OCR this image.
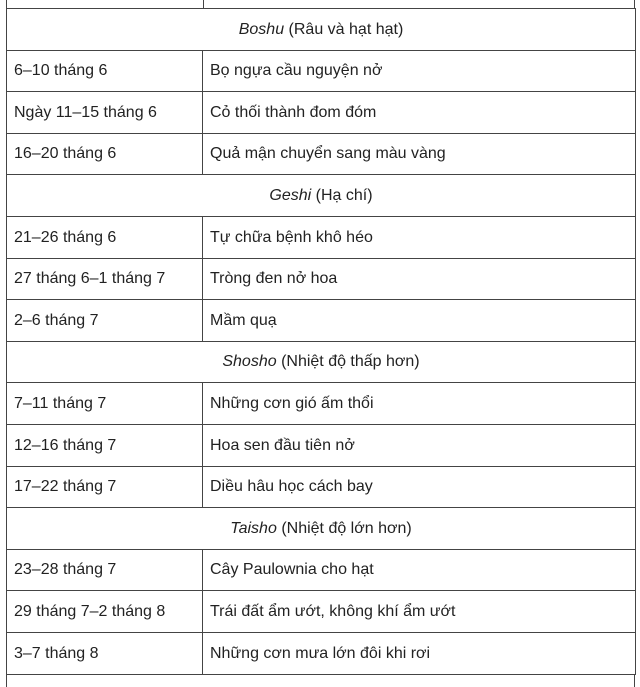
Boshu (Râu và hạt hạt)	
6–10 tháng 6	Bọ ngựa cầu nguyện nở
Ngày 11–15 tháng 6	Cỏ thối thành đom đóm
16–20 tháng 6	Quả mận chuyển sang màu vàng
Geshi (Hạ chí)	
21–26 tháng 6	Tự chữa bệnh khô héo
27 tháng 6–1 tháng 7	Tròng đen nở hoa
2–6 tháng 7	Mầm quạ
Shosho (Nhiệt độ thấp hơn)	
7–11 tháng 7	Những cơn gió ấm thổi
12–16 tháng 7	Hoa sen đầu tiên nở
17–22 tháng 7	Diều hâu học cách bay
Taisho (Nhiệt độ lớn hơn)	
23–28 tháng 7	Cây Paulownia cho hạt
29 tháng 7–2 tháng 8	Trái đất ẩm ướt, không khí ẩm ướt
3–7 tháng 8	Những cơn mưa lớn đôi khi rơi
